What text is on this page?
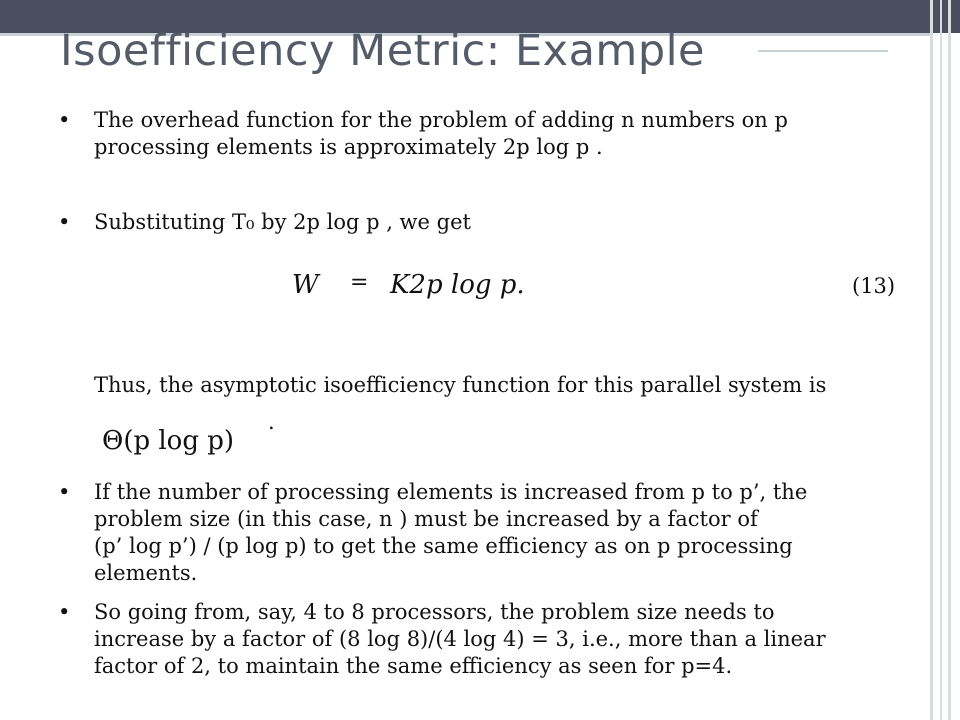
Isoefficiency Metric: Example
• The overhead function for the problem of adding n numbers on p
processing elements is approximately 2p log p .
• Substituting T₀ by 2p log p , we get
W = K2p log p.	(13)
Thus, the asymptotic isoefficiency function for this parallel system is
Θ(p log p)
.
• If the number of processing elements is increased from p to p’, the
problem size (in this case, n ) must be increased by a factor of
(p’ log p’) / (p log p) to get the same efficiency as on p processing
elements.
• So going from, say, 4 to 8 processors, the problem size needs to
increase by a factor of (8 log 8)/(4 log 4) = 3, i.e., more than a linear
factor of 2, to maintain the same efficiency as seen for p=4.
